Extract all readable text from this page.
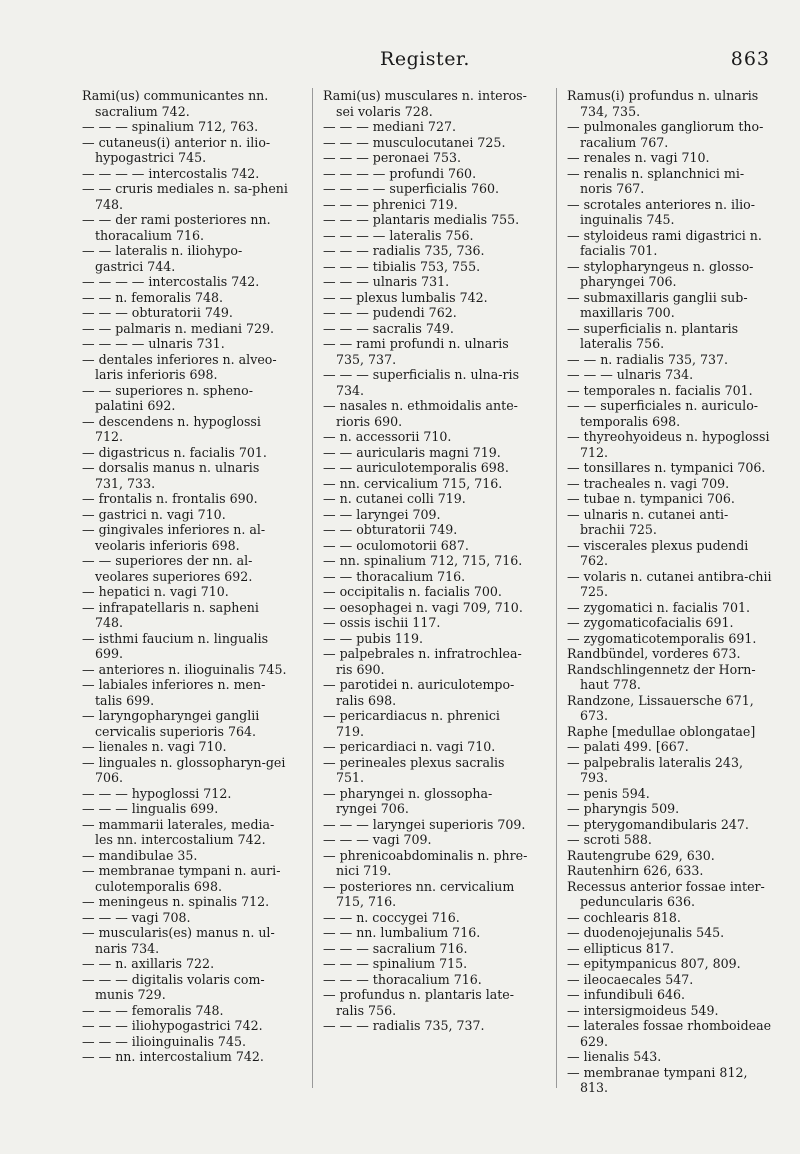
Register.	863

Rami(us) communicantes nn. sacralium 742.

— — — spinalium 712, 763.

— cutaneus(i) anterior n. ilio-hypogastrici 745.

— — — — intercostalis 742.

— — cruris mediales n. sa-pheni 748.

— — der rami posteriores nn. thoracalium 716.

— — lateralis n. iliohypo-gastrici 744.

— — — — intercostalis 742.

— — n. femoralis 748.

— — — obturatorii 749.

— — palmaris n. mediani 729.

— — — — ulnaris 731.

— dentales inferiores n. alveo-laris inferioris 698.

— — superiores n. spheno-palatini 692.

— descendens n. hypoglossi 712.

— digastricus n. facialis 701.

— dorsalis manus n. ulnaris 731, 733.

— frontalis n. frontalis 690.

— gastrici n. vagi 710.

— gingivales inferiores n. al-veolaris inferioris 698.

— — superiores der nn. al-veolares superiores 692.

— hepatici n. vagi 710.

— infrapatellaris n. sapheni 748.

— isthmi faucium n. lingualis 699.

— anteriores n. ilioguinalis 745.

— labiales inferiores n. men-talis 699.

— laryngopharyngei ganglii cervicalis superioris 764.

— lienales n. vagi 710.

— linguales n. glossopharyn-gei 706.

— — — hypoglossi 712.

— — — lingualis 699.

— mammarii laterales, media-les nn. intercostalium 742.

— mandibulae 35.

— membranae tympani n. auri-culotemporalis 698.

— meningeus n. spinalis 712.

— — — vagi 708.

— muscularis(es) manus n. ul-naris 734.

— — n. axillaris 722.

— — — digitalis volaris com-munis 729.

— — — femoralis 748.

— — — iliohypogastrici 742.

— — — ilioinguinalis 745.

— — nn. intercostalium 742.

Rami(us) musculares n. interos-sei volaris 728.

— — — mediani 727.

— — — musculocutanei 725.

— — — peronaei 753.

— — — — profundi 760.

— — — — superficialis 760.

— — — phrenici 719.

— — — plantaris medialis 755.

— — — — lateralis 756.

— — — radialis 735, 736.

— — — tibialis 753, 755.

— — — ulnaris 731.

— — plexus lumbalis 742.

— — — pudendi 762.

— — — sacralis 749.

— — rami profundi n. ulnaris 735, 737.

— — — superficialis n. ulna-ris 734.

— nasales n. ethmoidalis ante-rioris 690.

— n. accessorii 710.

— — auricularis magni 719.

— — auriculotemporalis 698.

— nn. cervicalium 715, 716.

— n. cutanei colli 719.

— — laryngei 709.

— — obturatorii 749.

— — oculomotorii 687.

— nn. spinalium 712, 715, 716.

— — thoracalium 716.

— occipitalis n. facialis 700.

— oesophagei n. vagi 709, 710.

— ossis ischii 117.

— — pubis 119.

— palpebrales n. infratrochlea-ris 690.

— parotidei n. auriculotempo-ralis 698.

— pericardiacus n. phrenici 719.

— pericardiaci n. vagi 710.

— perineales plexus sacralis 751.

— pharyngei n. glossopha-ryngei 706.

— — — laryngei superioris 709.

— — — vagi 709.

— phrenicoabdominalis n. phre-nici 719.

— posteriores nn. cervicalium 715, 716.

— — n. coccygei 716.

— — nn. lumbalium 716.

— — — sacralium 716.

— — — spinalium 715.

— — — thoracalium 716.

— profundus n. plantaris late-ralis 756.

— — — radialis 735, 737.

Ramus(i) profundus n. ulnaris 734, 735.

— pulmonales gangliorum tho-racalium 767.

— renales n. vagi 710.

— renalis n. splanchnici mi-noris 767.

— scrotales anteriores n. ilio-inguinalis 745.

— styloideus rami digastrici n. facialis 701.

— stylopharyngeus n. glosso-pharyngei 706.

— submaxillaris ganglii sub-maxillaris 700.

— superficialis n. plantaris lateralis 756.

— — n. radialis 735, 737.

— — — ulnaris 734.

— temporales n. facialis 701.

— — superficiales n. auriculo-temporalis 698.

— thyreohyoideus n. hypoglossi 712.

— tonsillares n. tympanici 706.

— tracheales n. vagi 709.

— tubae n. tympanici 706.

— ulnaris n. cutanei anti-brachii 725.

— viscerales plexus pudendi 762.

— volaris n. cutanei antibra-chii 725.

— zygomatici n. facialis 701.

— zygomaticofacialis 691.

— zygomaticotemporalis 691.

Randbündel, vorderes 673.

Randschlingennetz der Horn-haut 778.

Randzone, Lissauersche 671, 673.

Raphe [medullae oblongatae]

— palati 499. [667.

— palpebralis lateralis 243, 793.

— penis 594.

— pharyngis 509.

— pterygomandibularis 247.

— scroti 588.

Rautengrube 629, 630.

Rautenhirn 626, 633.

Recessus anterior fossae inter-peduncularis 636.

— cochlearis 818.

— duodenojejunalis 545.

— ellipticus 817.

— epitympanicus 807, 809.

— ileocaecales 547.

— infundibuli 646.

— intersigmoideus 549.

— laterales fossae rhomboideae 629.

— lienalis 543.

— membranae tympani 812, 813.
